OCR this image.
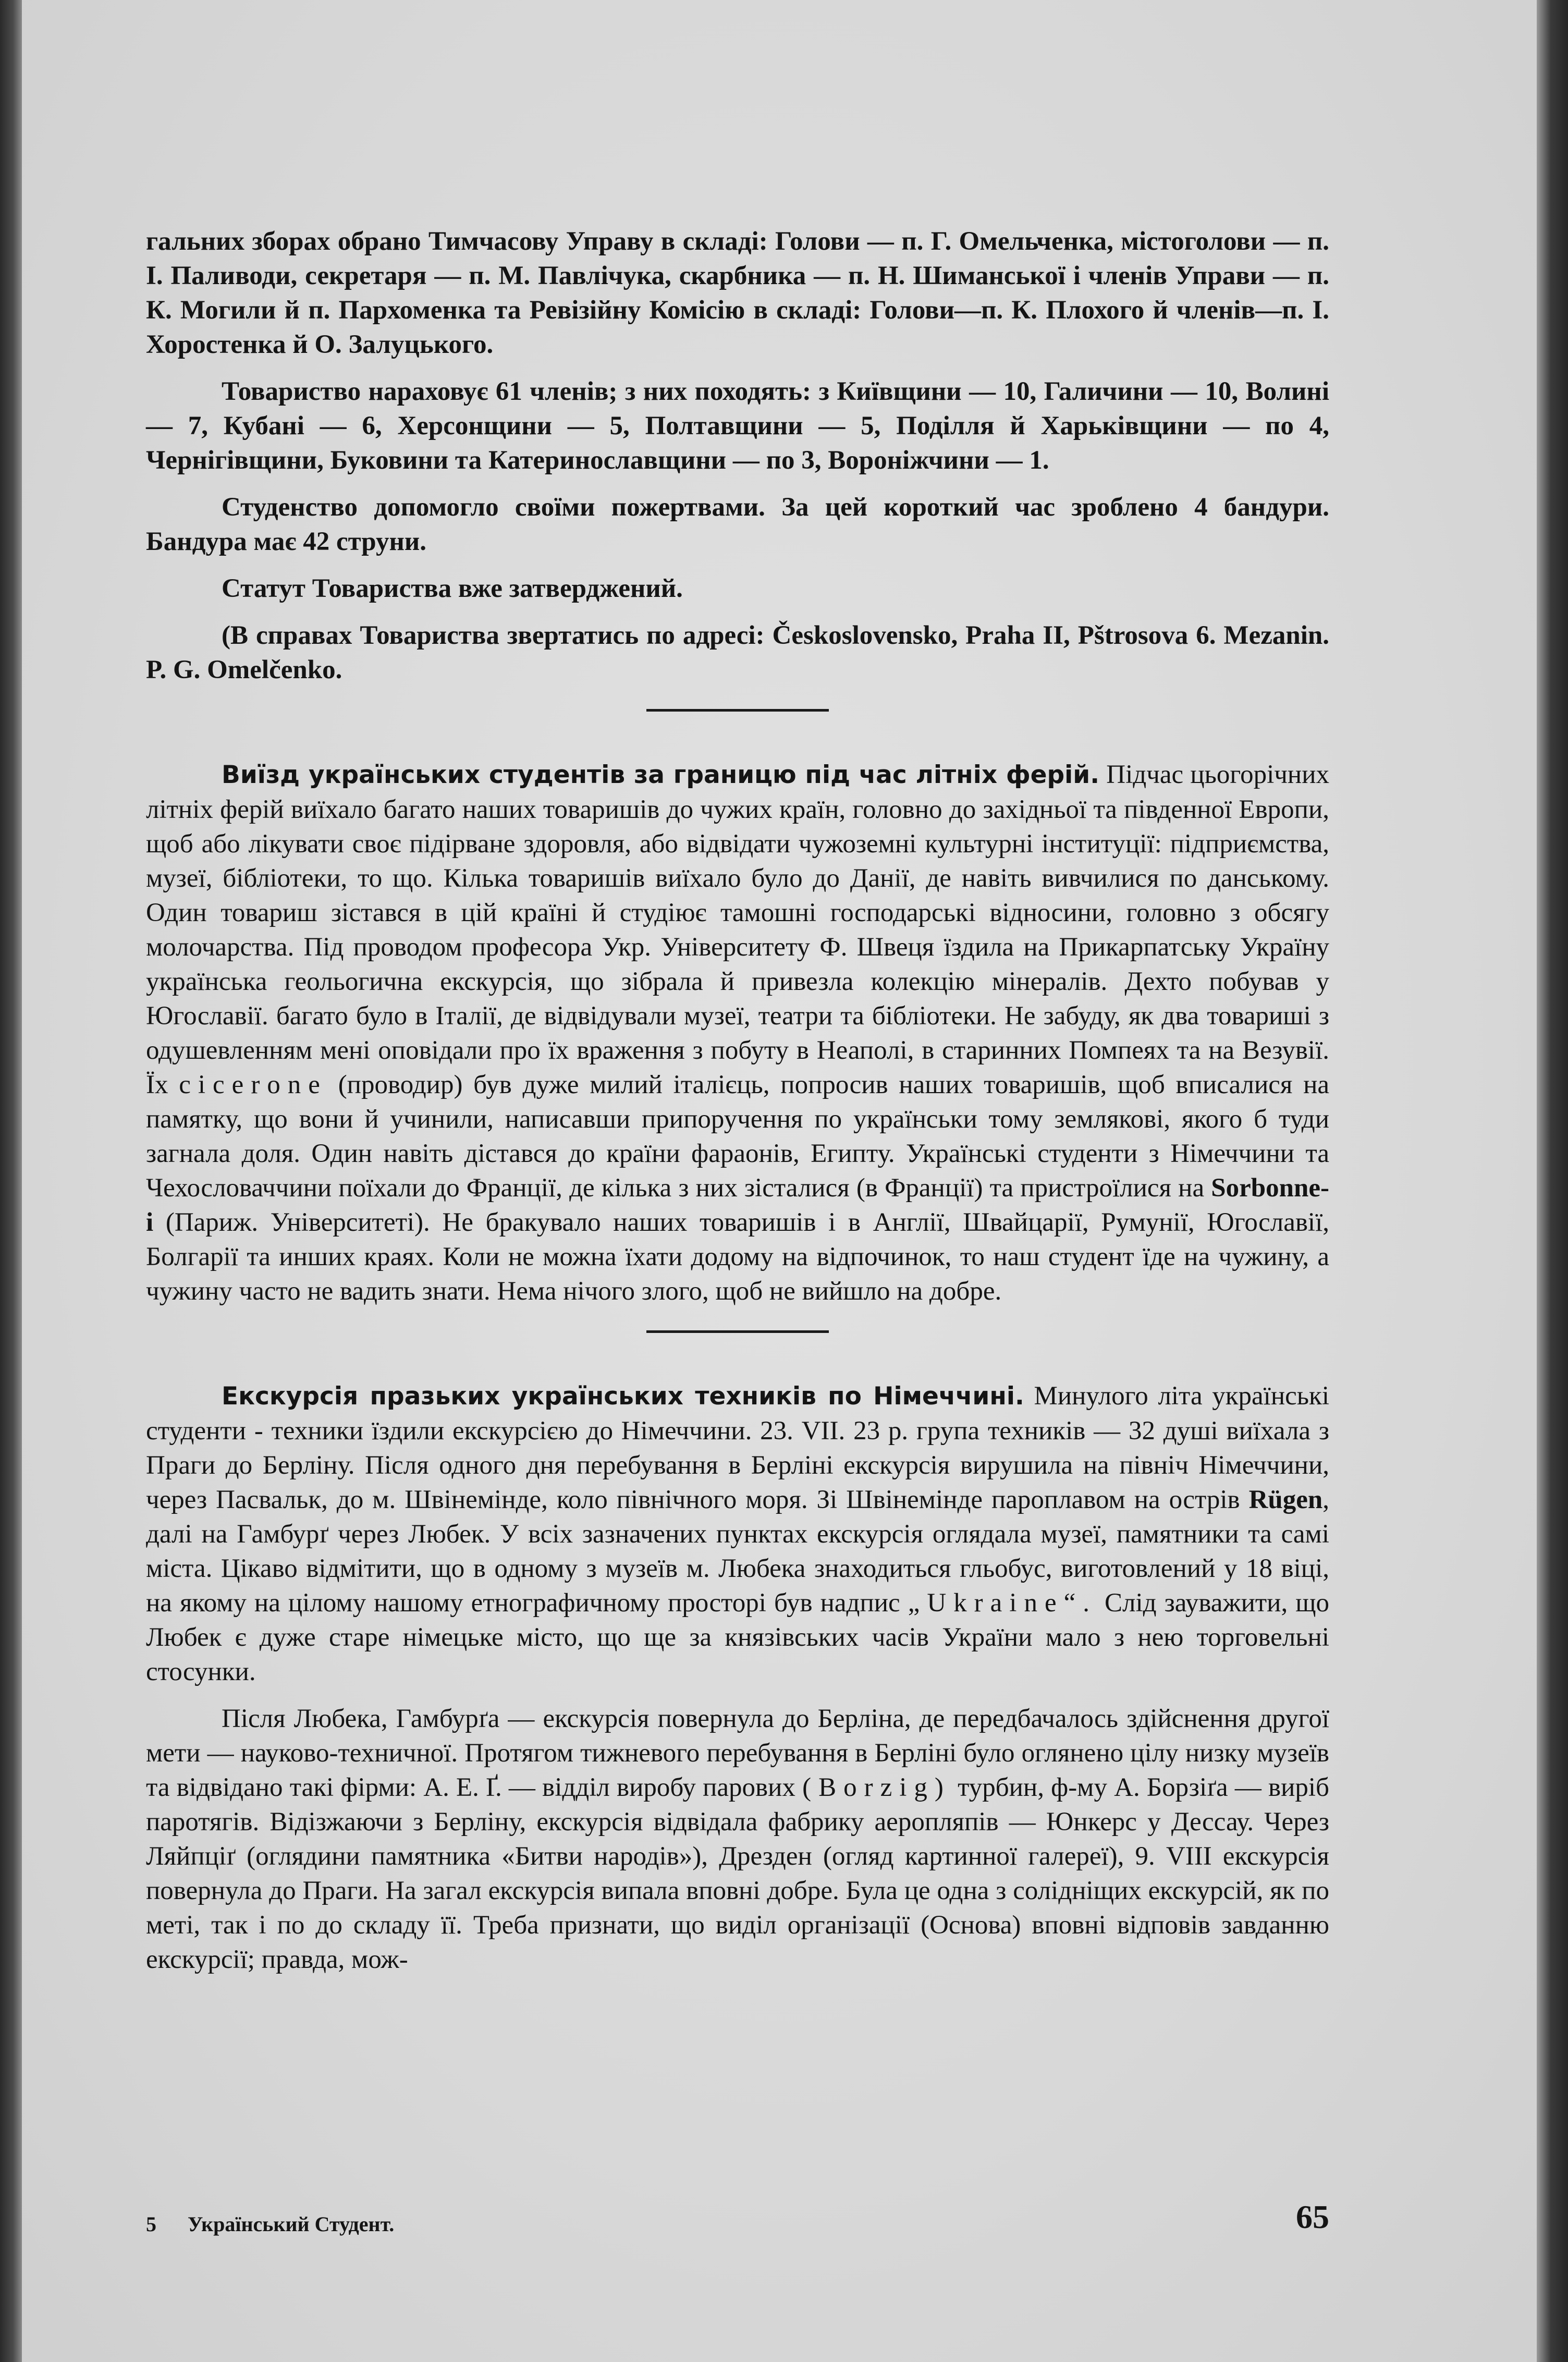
гальних зборах обрано Тимчасову Управу в складі: Голови — п. Г. Омельченка, містоголови — п. І. Паливоди, секретаря — п. М. Павлічука, скарбника — п. Н. Шиманської і членів Управи — п. К. Могили й п. Пархоменка та Ревізійну Комісію в складі: Голови—п. К. Плохого й членів—п. І. Хоростенка й О. Залуцького.

Товариство нараховує 61 членів; з них походять: з Київщини — 10, Галичини — 10, Волині — 7, Кубані — 6, Херсонщини — 5, Полтавщини — 5, Поділля й Харьківщини — по 4, Чернігівщини, Буковини та Катеринославщини — по 3, Вороніжчини — 1.

Студенство допомогло своїми пожертвами. За цей короткий час зроблено 4 бандури. Бандура має 42 струни.

Статут Товариства вже затверджений.

(В справах Товариства звертатись по адресі: Československo, Praha II, Pštrosova 6. Mezanin. P. G. Omelčenko.

Виїзд українських студентів за границю під час літніх ферій. Підчас цьогорічних літніх ферій виїхало багато наших товаришів до чужих країн, головно до західньої та південної Европи, щоб або лікувати своє підірване здоровля, або відвідати чужоземні культурні інституції: підприємства, музеї, бібліотеки, то що. Кілька товаришів виїхало було до Данії, де навіть вивчилися по данському. Один товариш зістався в цій країні й студіює тамошні господарські відносини, головно з обсягу молочарства. Під проводом професора Укр. Університету Ф. Швеця їздила на Прикарпатську Україну українська геольогична екскурсія, що зібрала й привезла колекцію мінералів. Дехто побував у Югославії. багато було в Італії, де відвідували музеї, театри та бібліотеки. Не забуду, як два товариші з одушевленням мені оповідали про їх враження з побуту в Неаполі, в старинних Помпеях та на Везувії. Їх cicerone (проводир) був дуже милий італієць, попросив наших товаришів, щоб вписалися на памятку, що вони й учинили, написавши припоручення по українськи тому землякові, якого б туди загнала доля. Один навіть дістався до країни фараонів, Египту. Українські студенти з Німеччини та Чехословаччини поїхали до Франції, де кілька з них зісталися (в Франції) та пристроїлися на Sorbonne-і (Париж. Університеті). Не бракувало наших товаришів і в Англії, Швайцарії, Румунії, Югославії, Болгарії та инших краях. Коли не можна їхати додому на відпочинок, то наш студент їде на чужину, а чужину часто не вадить знати. Нема нічого злого, щоб не вийшло на добре.

Екскурсія празьких українських техників по Німеччині. Минулого літа українські студенти - техники їздили екскурсією до Німеччини. 23. VII. 23 р. група техників — 32 душі виїхала з Праги до Берліну. Після одного дня перебування в Берліні екскурсія вирушила на північ Німеччини, через Пасвальк, до м. Швінемінде, коло північного моря. Зі Швінемінде пароплавом на острів Rügen, далі на Гамбурґ через Любек. У всіх зазначених пунктах екскурсія оглядала музеї, памятники та самі міста. Цікаво відмітити, що в одному з музеїв м. Любека знаходиться гльобус, виготовлений у 18 віці, на якому на цілому нашому етнографичному просторі був надпис „Ukraine“. Слід зауважити, що Любек є дуже старе німецьке місто, що ще за князівських часів України мало з нею торговельні стосунки.

Після Любека, Гамбурґа — екскурсія повернула до Берліна, де передбачалось здійснення другої мети — науково-техничної. Протягом тижневого перебування в Берліні було оглянено цілу низку музеїв та відвідано такі фірми: А. Е. Ґ. — відділ виробу парових (Borzig) турбин, ф-му А. Борзіґа — виріб паротягів. Відізжаючи з Берліну, екскурсія відвідала фабрику аеропляпів — Юнкерс у Дессау. Через Ляйпціґ (оглядини памятника «Битви народів»), Дрезден (огляд картинної галереї), 9. VIII екскурсія повернула до Праги. На загал екскурсія випала вповні добре. Була це одна з солідніщих екскурсій, як по меті, так і по до складу її. Треба признати, що виділ організації (Основа) вповні відповів завданню екскурсії; правда, мож-

5 Український Студент.	65
